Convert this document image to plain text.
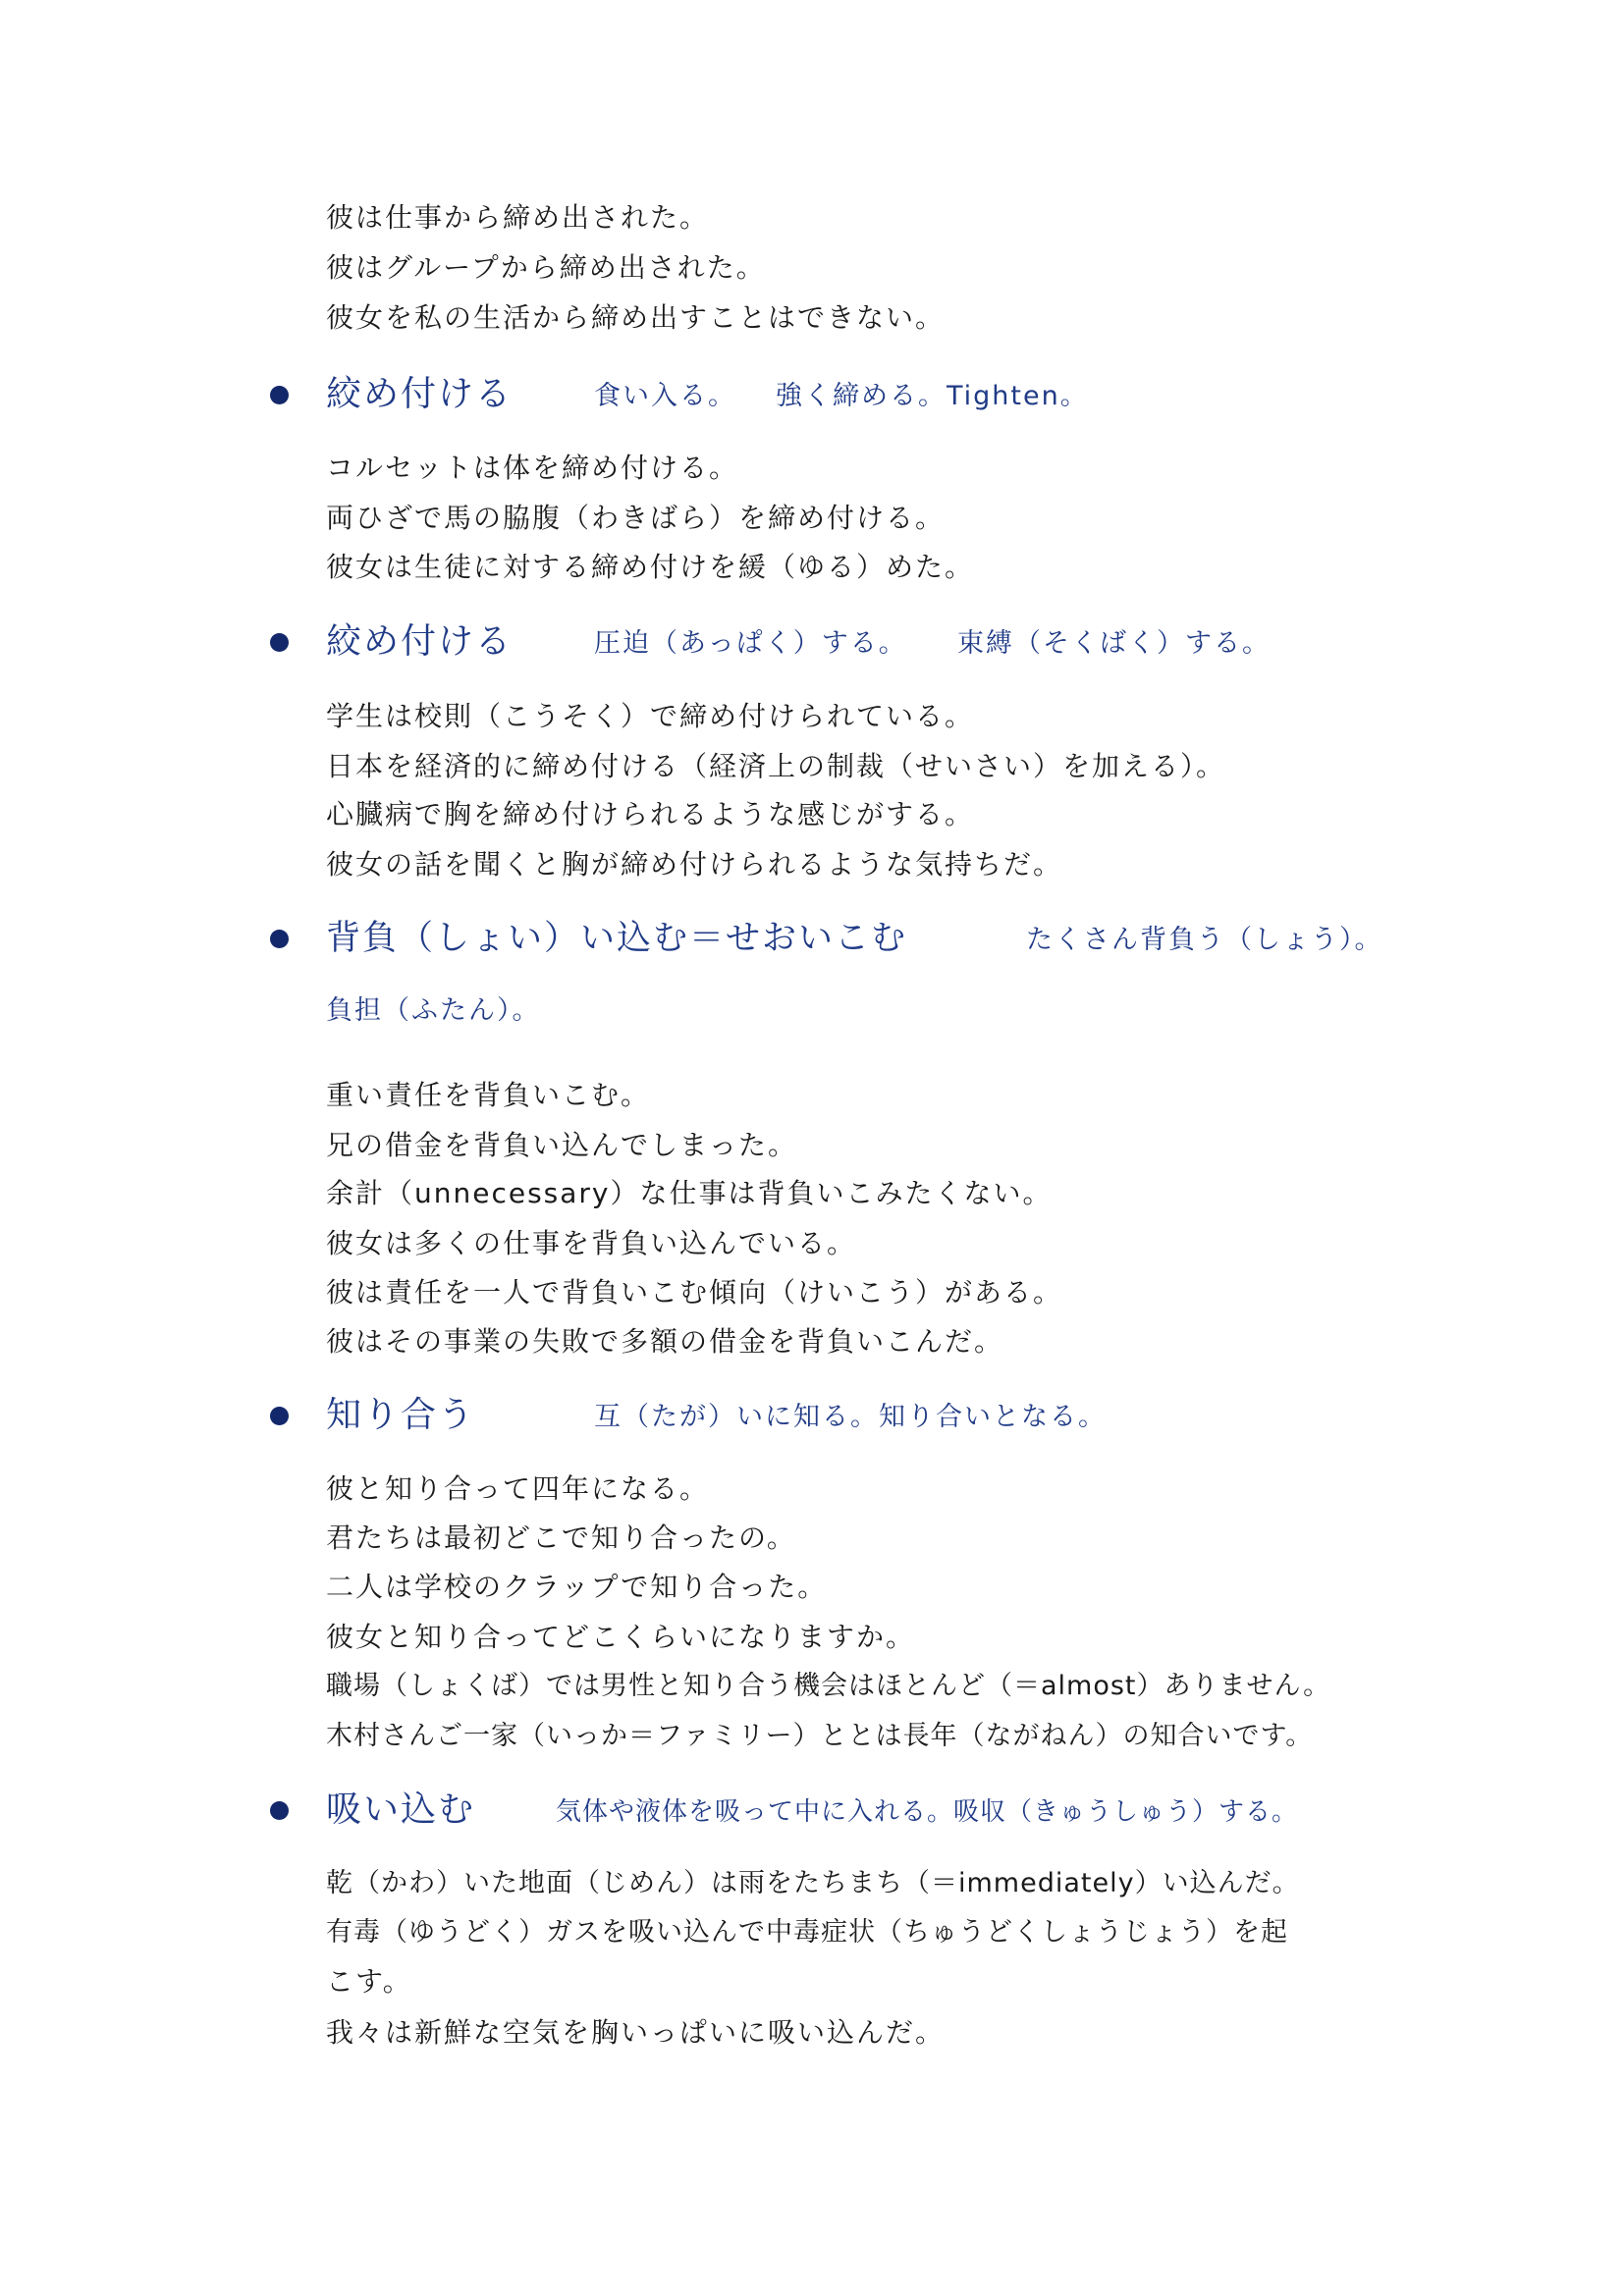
彼は仕事から締め出された。
彼はグループから締め出された。
彼女を私の生活から締め出すことはできない。
絞め付ける	食い入る。 強く締める。Tighten。
コルセットは体を締め付ける。
両ひざで馬の脇腹（わきばら）を締め付ける。
彼女は生徒に対する締め付けを緩（ゆる）めた。
絞め付ける	圧迫（あっぱく）する。 束縛（そくばく）する。
学生は校則（こうそく）で締め付けられている。
日本を経済的に締め付ける（経済上の制裁（せいさい）を加える）。
心臓病で胸を締め付けられるような感じがする。
彼女の話を聞くと胸が締め付けられるような気持ちだ。
背負（しょい）い込む＝せおいこむ	たくさん背負う（しょう）。
負担（ふたん）。
重い責任を背負いこむ。
兄の借金を背負い込んでしまった。
余計（unnecessary）な仕事は背負いこみたくない。
彼女は多くの仕事を背負い込んでいる。
彼は責任を一人で背負いこむ傾向（けいこう）がある。
彼はその事業の失敗で多額の借金を背負いこんだ。
知り合う	互（たが）いに知る。知り合いとなる。
彼と知り合って四年になる。
君たちは最初どこで知り合ったの。
二人は学校のクラップで知り合った。
彼女と知り合ってどこくらいになりますか。
職場（しょくば）では男性と知り合う機会はほとんど（＝almost）ありません。
木村さんご一家（いっか＝ファミリー）ととは長年（ながねん）の知合いです。
吸い込む	気体や液体を吸って中に入れる。吸収（きゅうしゅう）する。
乾（かわ）いた地面（じめん）は雨をたちまち（＝immediately）い込んだ。
有毒（ゆうどく）ガスを吸い込んで中毒症状（ちゅうどくしょうじょう）を起
こす。
我々は新鮮な空気を胸いっぱいに吸い込んだ。
